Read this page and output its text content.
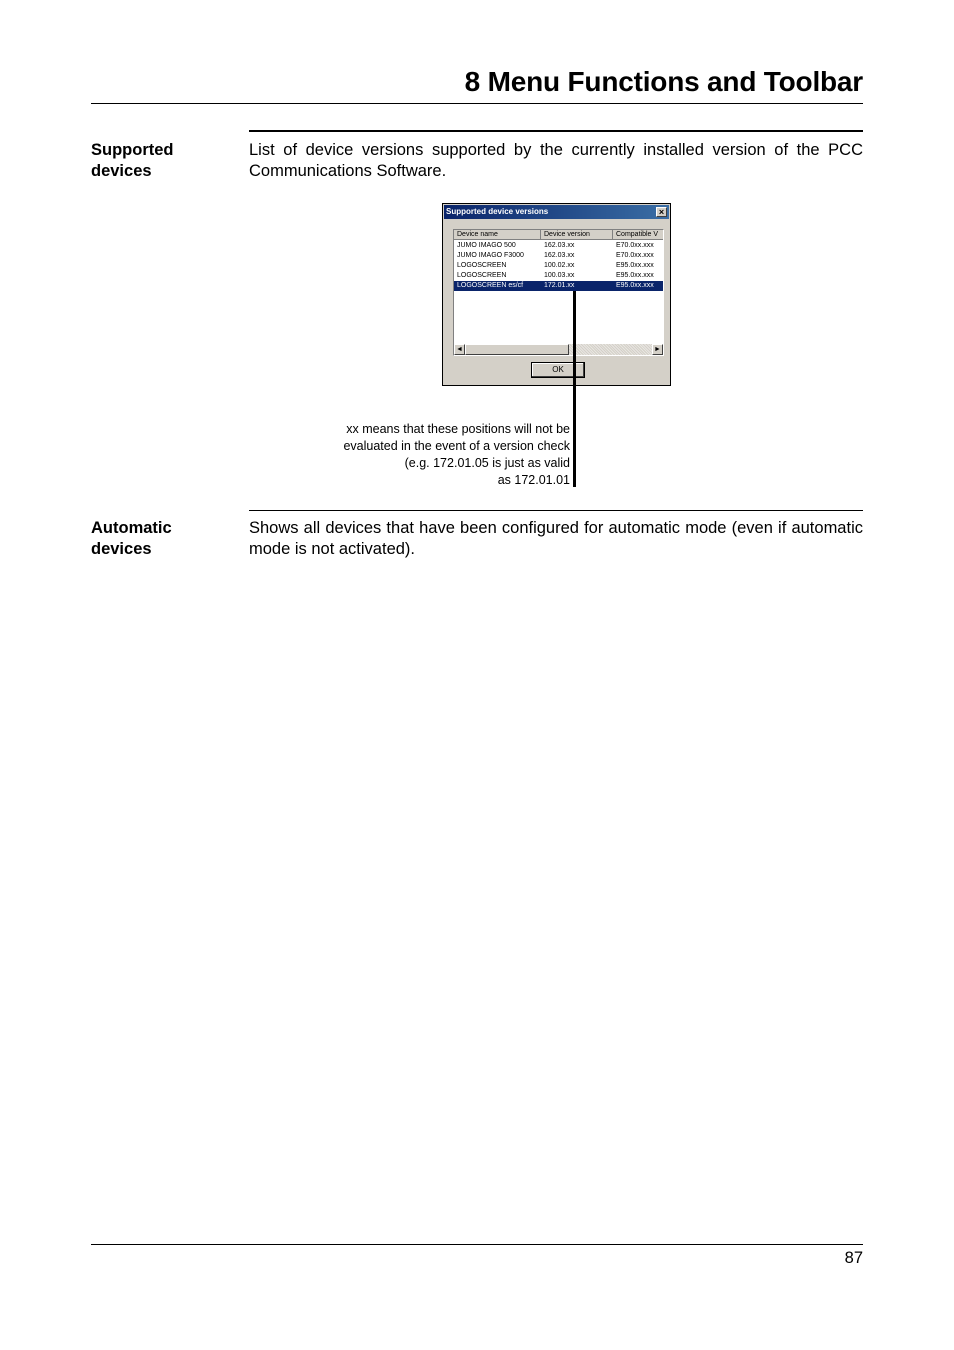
8 Menu Functions and Toolbar
Supported
devices
List of device versions supported by the currently installed version of the PCC Communications Software.
Supported device versions	×
Device name	Device version	Compatible V
JUMO IMAGO 500	162.03.xx	E70.0xx.xxx
JUMO IMAGO F3000	162.03.xx	E70.0xx.xxx
LOGOSCREEN	100.02.xx	E95.0xx.xxx
LOGOSCREEN	100.03.xx	E95.0xx.xxx
LOGOSCREEN es/cf	172.01.xx	E95.0xx.xxx
◄	►
OK
xx means that these positions will not be
evaluated in the event of a version check
(e.g. 172.01.05 is just as valid
as 172.01.01
Automatic
devices
Shows all devices that have been configured for automatic mode (even if automatic mode is not activated).
87
